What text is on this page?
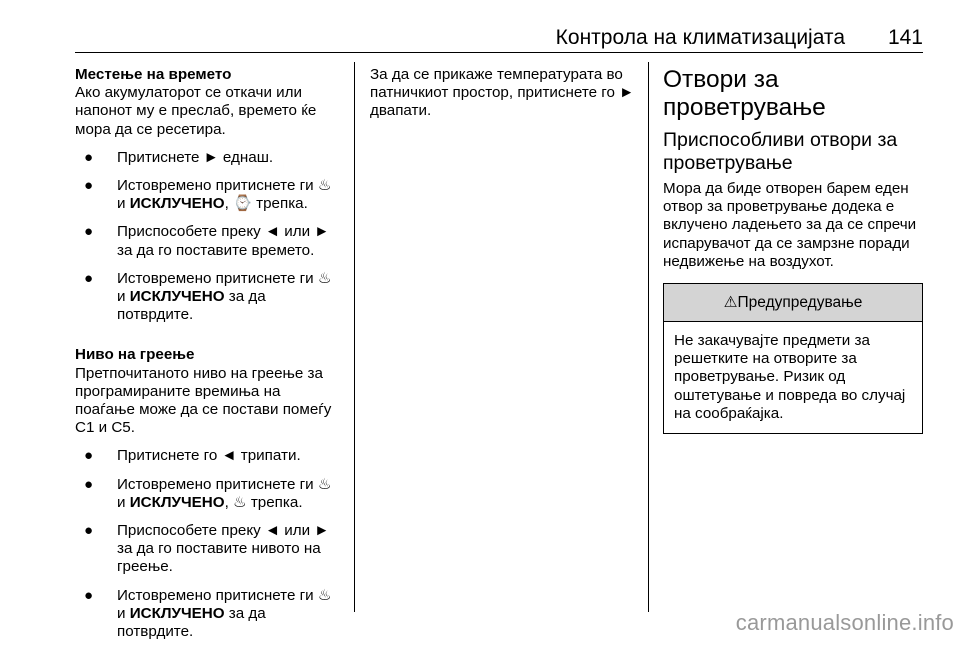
Контрола на климатизацијата 141

Местење на времето

Ако акумулаторот се откачи или напонот му е преслаб, времето ќе мора да се ресетира.

● Притиснете ► еднаш.
● Истовремено притиснете ги ♨ и ИСКЛУЧЕНО, ⌚ трепка.
● Приспособете преку ◄ или ► за да го поставите времето.
● Истовремено притиснете ги ♨ и ИСКЛУЧЕНО за да потврдите.

Ниво на греење

Претпочитаното ниво на греење за програмираните времиња на поаѓање може да се постави помеѓу C1 и C5.

● Притиснете го ◄ трипати.
● Истовремено притиснете ги ♨ и ИСКЛУЧЕНО, ♨ трепка.
● Приспособете преку ◄ или ► за да го поставите нивото на греење.
● Истовремено притиснете ги ♨ и ИСКЛУЧЕНО за да потврдите.

За да се прикаже температурата во патничкиот простор, притиснете го ► двапати.

Отвори за проветрување

Приспособливи отвори за проветрување

Мора да биде отворен барем еден отвор за проветрување додека е вклучено ладењето за да се спречи испарувачот да се замрзне поради недвижење на воздухот.

⚠Предупредување
Не закачувајте предмети за решетките на отворите за проветрување. Ризик од оштетување и повреда во случај на сообраќајка.
carmanualsonline.info
